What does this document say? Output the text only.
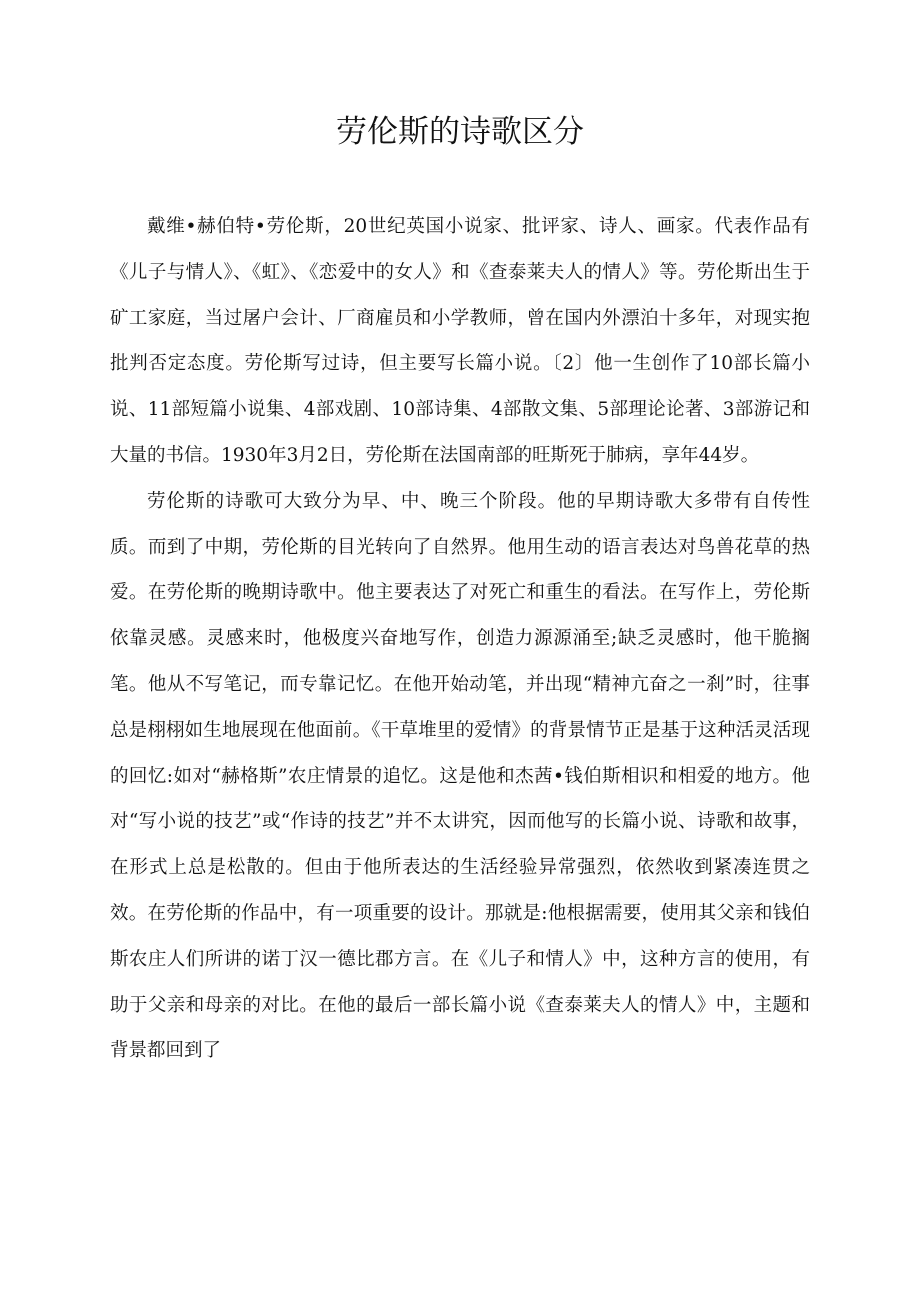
劳伦斯的诗歌区分

戴维•赫伯特•劳伦斯，20世纪英国小说家、批评家、诗人、画家。代表作品有《儿子与情人》、《虹》、《恋爱中的女人》和《查泰莱夫人的情人》等。劳伦斯出生于矿工家庭，当过屠户会计、厂商雇员和小学教师，曾在国内外漂泊十多年，对现实抱批判否定态度。劳伦斯写过诗，但主要写长篇小说。〔2〕他一生创作了10部长篇小说、11部短篇小说集、4部戏剧、10部诗集、4部散文集、5部理论论著、3部游记和大量的书信。1930年3月2日，劳伦斯在法国南部的旺斯死于肺病，享年44岁。

劳伦斯的诗歌可大致分为早、中、晚三个阶段。他的早期诗歌大多带有自传性质。而到了中期，劳伦斯的目光转向了自然界。他用生动的语言表达对鸟兽花草的热爱。在劳伦斯的晚期诗歌中。他主要表达了对死亡和重生的看法。在写作上，劳伦斯依靠灵感。灵感来时，他极度兴奋地写作，创造力源源涌至;缺乏灵感时，他干脆搁笔。他从不写笔记，而专靠记忆。在他开始动笔，并出现“精神亢奋之一刹”时，往事总是栩栩如生地展现在他面前。《干草堆里的爱情》的背景情节正是基于这种活灵活现的回忆:如对“赫格斯”农庄情景的追忆。这是他和杰茜•钱伯斯相识和相爱的地方。他对“写小说的技艺”或“作诗的技艺”并不太讲究，因而他写的长篇小说、诗歌和故事，在形式上总是松散的。但由于他所表达的生活经验异常强烈，依然收到紧凑连贯之效。在劳伦斯的作品中，有一项重要的设计。那就是:他根据需要，使用其父亲和钱伯斯农庄人们所讲的诺丁汉一德比郡方言。在《儿子和情人》中，这种方言的使用，有助于父亲和母亲的对比。在他的最后一部长篇小说《查泰莱夫人的情人》中，主题和背景都回到了
